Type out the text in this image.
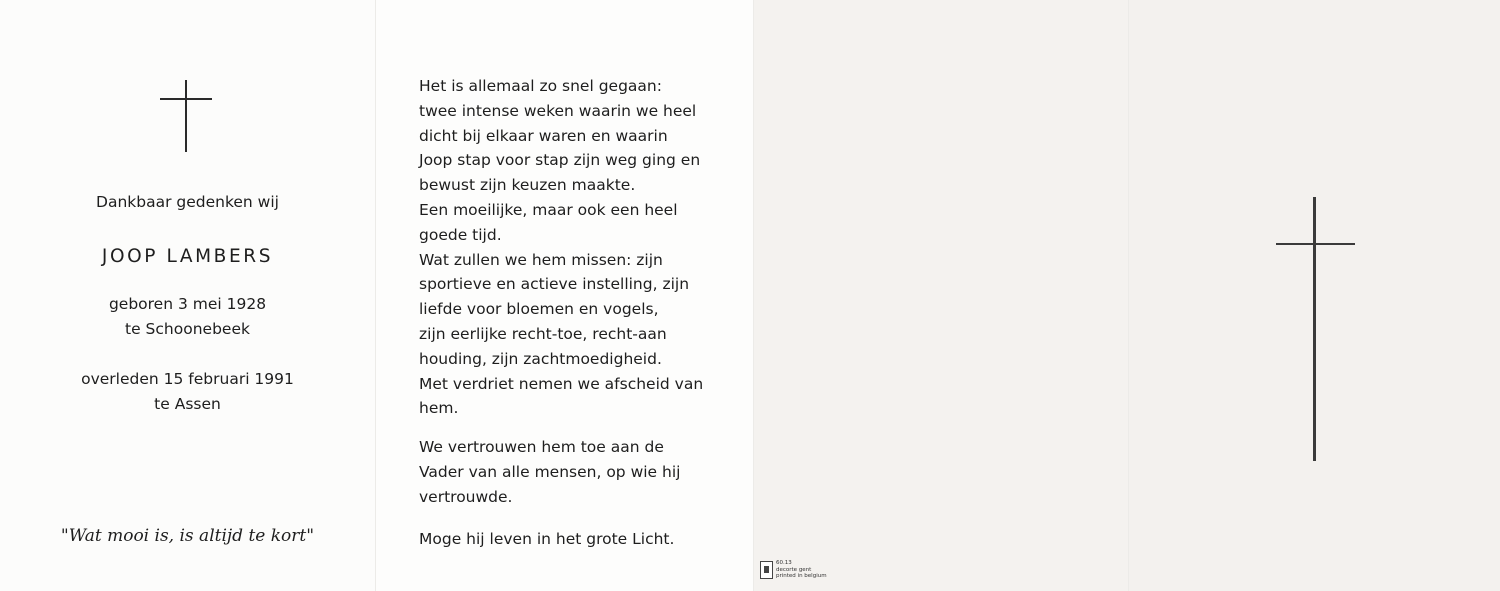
Dankbaar gedenken wij
JOOP LAMBERS
geboren 3 mei 1928
te Schoonebeek
overleden 15 februari 1991
te Assen
"Wat mooi is, is altijd te kort"
Het is allemaal zo snel gegaan:
twee intense weken waarin we heel
dicht bij elkaar waren en waarin
Joop stap voor stap zijn weg ging en
bewust zijn keuzen maakte.
Een moeilijke, maar ook een heel
goede tijd.
Wat zullen we hem missen: zijn
sportieve en actieve instelling, zijn
liefde voor bloemen en vogels,
zijn eerlijke recht-toe, recht-aan
houding, zijn zachtmoedigheid.
Met verdriet nemen we afscheid van
hem.
We vertrouwen hem toe aan de
Vader van alle mensen, op wie hij
vertrouwde.
Moge hij leven in het grote Licht.
60.13
decorte gent
printed in belgium
